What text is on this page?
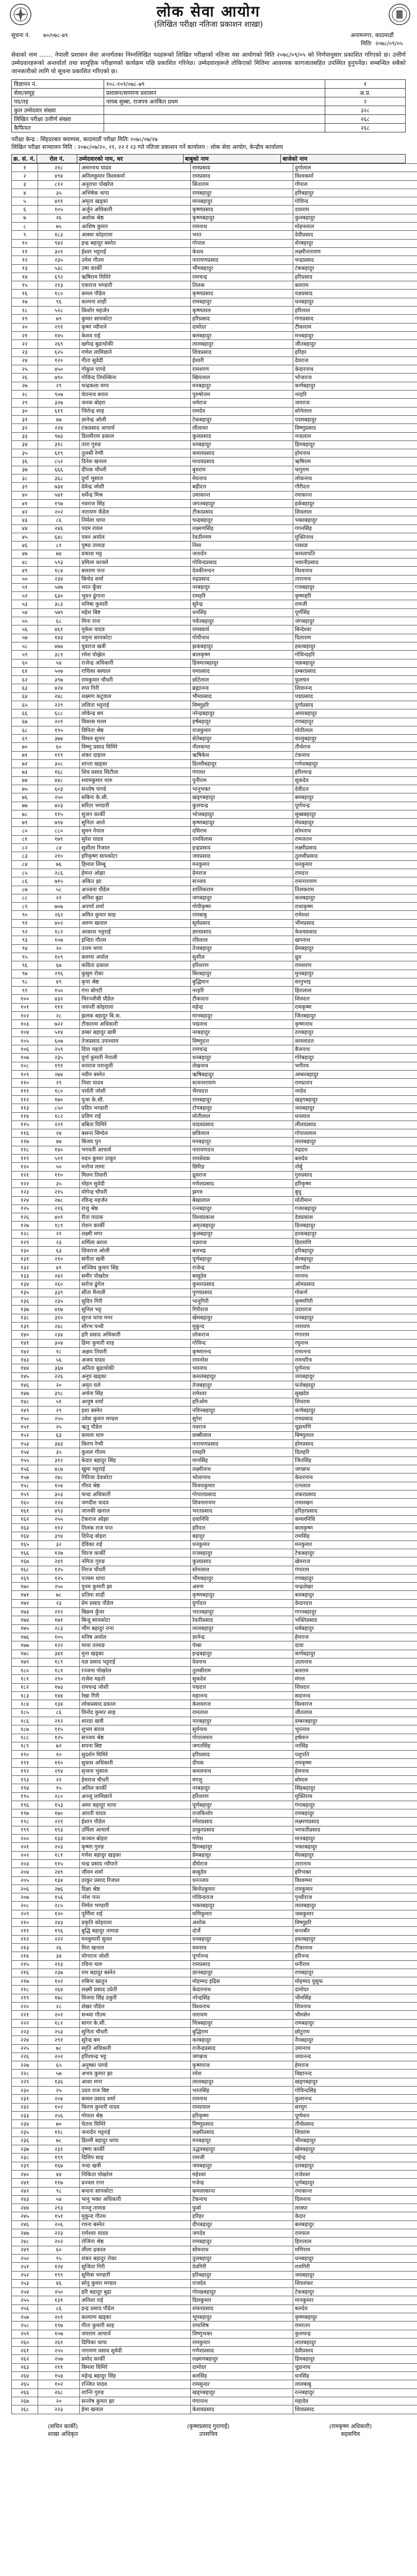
लोक सेवा आयोग
(लिखित परीक्षा नतिजा प्रकाशन शाखा)
सूचना नं. ७०/०७८-७९	अनामनगर, काठमाडौं
मितिः २०७८/०९/०५

सेवाको नाम ....... नेपाली प्रशासन सेवा अन्तर्गतका निम्नलिखित पदहरूको लिखित परीक्षाको नतिजा यस आयोगको मिति २०७८/०९/०५ को निर्णयानुसार प्रकाशित गरिएको छ। उत्तीर्ण उम्मेदवारहरूको अन्तर्वार्ता तथा सामूहिक परीक्षणको कार्यक्रम पछि प्रकाशित गरिनेछ। उम्मेदवारहरूले तोकिएको मितिमा आवश्यक कागजातसहित उपस्थित हुनुपर्नेछ। सम्बन्धित सबैको जानकारीको लागि यो सूचना प्रकाशित गरिएको छ।

विज्ञापन नं.	१०८-१०९/०७८-७९	१
सेवा/समूह	प्रशासन/सामान्य प्रशासन	अ.प्र.
पद/तह	नायब सुब्बा, राजपत्र अनंकित प्रथम	२
कुल उम्मेदवार संख्या		३२८
लिखित परीक्षा उत्तीर्ण संख्या		२६८
कैफियत		२६८
परीक्षा केन्द्र : सिंहदरबार क्याम्पस, काठमाडौं परीक्षा मितिः २०७८/०७/२७
लिखित परीक्षा सञ्चालन मिति : २०७८/०७/२०, २१, २२ र २३ गते नतिजा प्रकाशन गर्ने कार्यालय : लोक सेवा आयोग, केन्द्रीय कार्यालय
क्र. सं. नं.	रोल नं.	उम्मेदवारको नाम, थर	बाबुको नाम	बाजेको नाम
१	२१८	अमरनाथ यादव	रामप्रसाद	दुर्गालाल
२	४९४	अनिलकुमार विश्वकर्मा	रामप्रसाद	विश्वकर्मा
३	८१२	अनुराधा पोखरेल	सिताराम	गोपाल
४	३५	अभिषेक थापा	रामबहादुर	हरिबहादुर
५	४११	अमृता खड्का	मानबहादुर	गोविन्द
६	१०५	अर्जुन अधिकारी	कृष्णप्रसाद	दयाराम
७	२६	अशोक श्रेष्ठ	कृष्णबहादुर	कुलबहादुर
८	७५	आशिष कुमार	रामनाथ	मोहनलाल
९	१८३	आस्था कोइराला	भरत	देवीप्रसाद
१०	९४२	इन्द्र बहादुर बस्नेत	गोपाल	शेरबहादुर
११	३०९	ईश्वर भट्टराई	केशव	लक्ष्मीनारायण
१२	२३५	उमेश गौतम	नारायणप्रसाद	चन्द्रप्रसाद
१३	५३८	उषा कार्की	भीमबहादुर	टंकबहादुर
१४	६९२	ऋषिराम घिमिरे	रामचन्द्र	हरिप्रसाद
१५	२१३	एकराज भण्डारी	तिलक	बलराम
१६	१८०	कमल पौडेल	कृष्णप्रसाद	यज्ञप्रसाद
१७	९६	कल्पना शाही	रामबहादुर	धनबहादुर
१८	५२८	किशोर महर्जन	कृष्णलाल	हरिलाल
१९	७९	कुमार सापकोटा	हरिप्रसाद	गंगाप्रसाद
२०	२९१	कृष्ण न्यौपाने	दामोदर	टीकाराम
२१	१४५	केशव राई	बलबहादुर	मनबहादुर
२२	२६९	खगेन्द्र बुढाथोकी	लालबहादुर	जीतबहादुर
२३	६२५	गणेश लामिछाने	शिवप्रसाद	हरिहर
२४	१२०	गीता सुवेदी	ईश्वरी	देवराज
२५	४५०	गोकुल पाण्डे	रामशरण	केदारनाथ
२६	७९०	गोविन्द तिमल्सिना	खिमलाल	भोजराज
२७	२९	चन्द्रकला मगर	मनबहादुर	कर्णबहादुर
२८	९०७	चेतनाथ बराल	पुरुषोत्तम	नरहरि
२९	३२७	जनक बोहरा	धर्मराज	जयराज
३०	६११	जितेन्द्र साह	रामदेव	सोनेलाल
३१	४७	ज्ञानेन्द्र ओली	टेकबहादुर	पदमबहादुर
३२	२२४	टंकप्रसाद आचार्य	लीलाधर	विष्णुप्रसाद
३३	९७३	डिल्लीराम ढकाल	कुलप्रसाद	नन्दलाल
३४	३१८	तारा गुरुङ	धनबहादुर	हिमबहादुर
३५	६१९	तुलसी रेग्मी	कमलप्रसाद	होमनाथ
३६	८५२	दिनेश खनाल	माधवप्रसाद	ऋषिराम
३७	६६६	दीपक चौधरी	बुधराम	फगुराम
३८	३६८	दुर्गा भुसाल	मेघनाथ	लोकनाथ
३९	७३४	देवेन्द्र जोशी	बद्रीदत्त	गौरीदत्त
४०	५४१	धर्मेन्द्र मिश्र	उमाकान्त	रमाकान्त
४१	१९७	नवराज सिंह	जगतबहादुर	हर्कबहादुर
४२	२०२	नारायण कँडेल	टीकाप्रसाद	शिवलाल
४३	८६	निर्मला थापा	चन्द्रबहादुर	भक्तबहादुर
४४	२४६	पदम रावल	लक्ष्मणसिंह	गगनसिंह
४५	६४८	पवन अर्याल	रेवतीरमण	मुक्तिनाथ
४६	८१	पुष्पा तामाङ	निमा	पासाङ
४७	७४	प्रकाश भट्ट	जनार्दन	कमलापति
४८	५९३	प्रमिला काफ्ले	गोविन्दप्रसाद	भवानीप्रसाद
४९	१८४	बलराम पन्त	देवकीनन्दन	विश्वनाथ
५०	२३४	बिनोद शर्मा	रुद्रप्रसाद	तारानाथ
५१	५४७	भरत कुँवर	नरबहादुर	गजबहादुर
५२	६३०	भुवन ढुंगाना	रामहरि	कृष्णहरि
५३	३८३	मनिषा कुमारी	सुरेन्द्र	रामजी
५४	५७९	महेश बिष्ट	धनसिंह	पूर्णसिंह
५५	६८	मिना राना	पर्वतबहादुर	जंगबहादुर
५६	४६१	मुकेश यादव	रामस्वार्थ	बिन्देश्वर
५७	१४३	यमुना सापकोटा	गोपीनाथ	दिलाराम
५८	४७४	युवराज खत्री	झकबहादुर	हस्तबहादुर
५९	३८१	रमेश पोख्रेल	बालकृष्ण	गोविन्दहरि
६०	५४	राजेन्द्र अधिकारी	हिक्मतबहादुर	चक्रबहादुर
६१	५०७	राधिका बस्याल	यमप्रसाद	डम्बरप्रसाद
६२	३९७	रामकुमार चौधरी	छोटेलाल	फुलचन
६३	४२४	रुपा गिरी	ब्रह्मानन्द	शिवानन्द
६४	२४८	लक्ष्मण कटुवाल	भीमप्रसाद	पद्मप्रसाद
६५	२२९	ललिता भट्टराई	विष्णुहरि	दुर्गाप्रसाद
६६	६८८	लोकेन्द्र बम	नरेन्द्रबहादुर	अमरबहादुर
६७	२०९	विकास मल्ल	हर्षबहादुर	रणबहादुर
६८	१९५	विनिता श्रेष्ठ	राजकुमार	मोतीलाल
६९	३७४	विमल सुनार	सेतेबहादुर	कालुबहादुर
७०	६०	विष्णु प्रसाद घिमिरे	नीलकण्ठ	तीर्थराज
७१	११९	शंकर दाहाल	ऋषिकेश	टंकनाथ
७२	३०८	शान्ता खड्का	डिल्लीबहादुर	गणेशबहादुर
७३	१६८	शिव प्रसाद सिटौला	गंगाधर	हरिश्चन्द्र
७४	४४८	श्यामकुमार थारु	पुनीराम	सुकदेव
७५	६०३	सन्तोष पाण्डे	भानुभक्त	देवीदत्त
७६	२५०	सबिना के.सी.	खड्गबहादुर	बमबहादुर
७७	४०३	सरिता भण्डारी	कुलचन्द्र	पूर्णचन्द्र
७८	११५	सुजन कार्की	भोजबहादुर	सुब्बबहादुर
७९	७९४	सुनिता आले	कृष्णबहादुर	मेघबहादुर
८०	८८०	सुमन नेपाल	दधिराम	सोमनाथ
८१	१७९	सुरेश यादव	रामविलास	रामजतन
८२	८४	सुशीला रिजाल	इन्द्रप्रसाद	लक्ष्मीप्रसाद
८३	२१०	हरिकृष्ण सापकोटा	जयप्रसाद	तुलसीप्रसाद
८४	७६	हिमाल लिम्बू	मनकुमार	धनकुमार
८५	२८६	हेमन्त ओझा	प्रेमराज	रामदत्त
८६	७१५	अंकित झा	सञ्जय	रामनारायण
८७	५८	अञ्जना पौडेल	शालिकराम	तिलकराम
८८	२२	अनिश बुढा	जगबहादुर	कलबहादुर
८९	७०७	अपर्णा शर्मा	गोपीकृष्ण	राधाकृष्ण
९०	२६२	अमित कुमार साह	रामबाबु	रामेश्वर
९१	४०२	अरुण खनाल	सूर्यप्रसाद	भीमप्रसाद
९२	१८२	आकाश भट्टराई	ज्ञानप्रसाद	केशवप्रसाद
९३	१०७	इन्दिरा गौतम	रविलाल	खगनाथ
९४	२०	उत्तम थापा	तेजबहादुर	प्रेमबहादुर
९५	१०९	करुणा अर्याल	सुशील	ध्रुव
९६	६७	कविता ढकाल	हरिशरण	रामशरण
९७	२९६	कुसुम रोका	बिरबहादुर	मुनबहादुर
९८	४९	कृपा श्रेष्ठ	बुद्धिमान	सानुभाइ
९९	१५०	गंगा बोगटी	नरहरि	हिरालाल
१००	४३२	चिरञ्जीवी पौडेल	टीकादत्त	शिवदत्त
१०१	१११	जयन्ती कोइराला	महेन्द्र	रामकृष्ण
१०२	२८	झलक बहादुर बि.क.	मानबहादुर	जितबहादुर
१०३	७२२	टीकाराम अधिकारी	पद्मनाथ	कृष्णनाथ
१०४	५१४	डम्बर बहादुर खत्री	नरबहादुर	ठगबहादुर
१०५	६०७	तेजप्रसाद उपाध्याय	विष्णुदत्त	कमलादत्त
१०६	२५९	दिपा महतो	रामचन्द्र	बैजनाथ
१०७	२३५	दुर्गा कुमारी नेपाली	धनबहादुर	गोरेबहादुर
१०८	१९१	धनराज पराजुली	लेखनाथ	भगीरथ
१०९	२७४	नवीन बस्नेत	ऋषिबहादुर	अम्बरबहादुर
११०	२९	निशा यादव	सत्यनारायण	रामप्रताप
१११	१८०	पार्वती जोशी	भैरवदत्त	नरदेव
११२	१७०	पूजा के.सी.	रामबहादुर	खड्गबहादुर
११३	८५०	प्रदिप भण्डारी	टोपबहादुर	जयबहादुर
११४	१८२	प्रविण राई	मोतीलाल	धनलाल
११५	२२१	बबिता घिमिरे	यादवप्रसाद	लीलाप्रसाद
११६	२४	बसन्त सिग्देल	छविलाल	गोपाललाल
११७	४७	बिजय पुन	मनबहादुर	लालबहादुर
११८	१४०	भगवती आचार्य	नारायणदत्त	रुद्रदत्त
११९	५११	मदन कुमार ठाकुर	रामसेवक	बलदेव
१२०	५०	मनोज लामा	छिरिङ	नोर्बु
१२१	११०	मिलन तिवारी	ध्रुवराज	गुरुप्रसाद
१२२	३५	मोहन सुवेदी	गणेशप्रसाद	हरिकृष्ण
१२३	२१५	योगेन्द्र चौधरी	झगरु	बुधु
१२४	२७८	रविन्द्र महर्जन	बेखालाल	मोतीमान
१२५	२१६	राजु श्रेष्ठ	रत्नबहादुर	गजरबहादुर
१२६	४०१	रीता पाठक	विश्वप्रकाश	देवप्रकाश
१२७	१८९	रोशन कार्की	अमृतबहादुर	डिलबहादुर
१२८	२१	लक्ष्मी मगर	कुलबहादुर	हरकबहादुर
१२९	२३	शर्मिला बराल	यज्ञराज	हिरामणि
१३०	६३	शिवराज ओली	बलभद्र	हरिबहादुर
१३१	२१०	संगीता खत्री	पूर्णबहादुर	सेरबहादुर
१३२	४९	सञ्जिव कुमार सिंह	राजेन्द्र	जगदीश
१३३	२४२	समीर पोखरेल	बासुदेव	नरनाथ
१३४	२६०	सरोज ढुंगेल	कुमारप्रसाद	ओमप्रसाद
१३५	३३९	सीता मैनाली	पुण्यप्रसाद	गोकर्ण
१३६	२३५	सुदिप गिरी	भानुगिरी	कृष्णगिरी
१३७	४१७	सुनिल भट्ट	गिरीराज	उदयराज
१३८	३१०	सुरज थापा मगर	खेमबहादुर	धनबहादुर
१३९	२४८	सौरभ पन्थी	मुकुन्द	नारायण
१४०	२३४	हरि प्रसाद अधिकारी	लोकराज	गंगाराम
१४१	३०४	हिमा कुमारी शाह	गोविन्द	रघुनाथ
१४२	१८	अक्षय तिवारी	कृष्णानन्द	रामानन्द
१४३	५६	अजय यादव	रामनरेश	रामचरित्र
१४४	३६७	अनिता बुढाथोकी	भवनाथ	पूर्णनाथ
१४५	२२६	अनुप खड्का	कमलबहादुर	जयबहादुर
१४६	२०	अमृत घले	तेजबहादुर	फत्तेबहादुर
१४७	३९८	अर्चना सिंह	रामेश्वर	सुखदेव
१४८	५१	आयुष शर्मा	हरिओम	शिवराम
१४९	२९	इशा बस्नेत	नविनबहादुर	कर्णबहादुर
१५०	२५५	उमेश कुमार मण्डल	सुरेश	रामप्रसाद
१५१	२५	ऋतु पौडेल	नवराज	चूडामणि
१५२	६३	कमला थारु	छब्बीलाल	बिष्णुलाल
१५३	३४३	किरण रेग्मी	नारायणप्रसाद	होमप्रसाद
१५४	३५	कुशल गौतम	रामहरि	दिलहरि
१५५	३१२	केदार बहादुर सिंह	मानसिंह	जितसिंह
१५६	४८७	खुमा भट्टराई	लक्ष्मीनाथ	जगन्नाथ
१५७	२४८	गिरिजा देवकोटा	भोलानाथ	केशरनाथ
१५८	१०४	गौरव श्रेष्ठ	विजयकुमार	रत्नलाल
१५९	३०३	चन्दा अधिकारी	गोपालप्रसाद	शंकरप्रसाद
१६०	२२४	जगदीश यादव	शिवनारायण	रामलखन
१६१	४९३	जानकी खनाल	भरतप्रसाद	हरिहरप्रसाद
१६२	२५५	टेकराज ओझा	दयानिधि	कमलनिधि
१६३	११२	तिलक राज पन्त	हरिदत्त	बालकृष्ण
१६४	३९४	दिपेन्द्र बोहरा	बहादुर	रामसिंह
१६५	३२	देविका राई	धनकुमार	मनकुमार
१६६	१२७	धिरज कार्की	राजबहादुर	टेकबहादुर
१६७	२४९	नमिता गुरुङ	कुलप्रसाद	खेमराज
१६८	१२५	निरज चौधरी	सोमलाल	गंगाराम
१६९	१२५	पञ्चम थापा	भीमबहादुर	रणबहादुर
१७०	२५०	पुनम कुमारी झा	अरुण	चन्द्रशेखर
१७१	७८	प्रतिमा शाही	कृष्णबहादुर	बलबहादुर
१७२	२३	प्रेम प्रसाद पौडेल	दुर्गादत्त	केदारदत्त
१७३	२१२	बिक्रम कुँवर	भरतबहादुर	गगनबहादुर
१७४	१७१	बिन्दु सापकोटा	रेवतीप्रसाद	भक्तिप्रसाद
१७५	२८३	भीम बहादुर राना	लालबहादुर	धर्मबहादुर
१७६	१०५	मनिष अर्याल	ज्ञानेन्द्र	हेमराज
१७७	१२२	माया तामाङ	पेम्बा	दावा
१७८	३४१	मुना खड्का	इन्द्रबहादुर	कर्णबहादुर
१७९	१८९	यज्ञ प्रसाद भट्टराई	देवनाथ	उदयनाथ
१८०	१८१	रञ्जना पोखरेल	तुलसीराम	बलराम
१८१	२९०	राजेश महतो	सुकदेव	मंगल
१८२	१७३	रामचन्द्र जोशी	पद्मदत्त	शिवदत्त
१८३	१४४	रेखा गिरी	महानन्द	सदानन्द
१८४	१३४	लोकप्रसाद ढकाल	केशवराज	विश्वराज
१८५	८६	विनोद कुमार साह	रामलाल	जीतलाल
१८६	२१२	शारदा खत्री	नारबहादुर	डम्बरबहादुर
१८७	११५	शुभम बराल	सुर्यनाथ	भूपनाथ
१८८	१२५	सञ्जय श्रेष्ठ	गोपालमान	हर्षमान
१८९	७२	सपना बिष्ट	जगतसिंह	नरसिंह
१९०	१०	सुदर्शन घिमिरे	हरिप्रसाद	पशुपति
१९१	११०	सुवास अधिकारी	दीपक	रामकृष्ण
१९२	२९४	सृजना भुसाल	कमलनाथ	हेमनाथ
१९३	२२	हेमराज चौधरी	मंगलु	सोमारु
१९४	१५	अनिल कार्की	नरबहादुर	सिंहबहादुर
१९५	२८०	अञ्जु लामिछाने	हरिशरण	मुक्तिराम
१९६	१५३	अमर बहादुर थापा	पूर्णबहादुर	गंगाबहादुर
१९७	१७०	आरती यादव	राजकिशोर	रामबहादुर
१९८	२२१	ईशान पौडेल	रमेशप्रसाद	लक्ष्मणप्रसाद
१९९	१९३	उर्मिला आचार्य	ठाकुरप्रसाद	भगवतीप्रसाद
२००	१३३	कञ्चन बोहरा	गणेश	मानबहादुर
२०१	२०३	कृष्णा गुरुङ	हिमबहादुर	भक्तबहादुर
२०२	१८१	गणेश बहादुर खड्का	प्रेमबहादुर	मेघबहादुर
२०३	११५	चन्द्र प्रसाद न्यौपाने	दीर्घराज	तारानाथ
२०४	२४९	जीवन शर्मा	बासुदेव	हरिभक्त
२०५	१३४	ठाकुर प्रसाद रिजाल	धनञ्जय	विश्वम्भर
२०६	२७६	दिक्षा श्रेष्ठ	बिनोदकुमार	रामकुमार
२०७	१५६	नरेश पन्त	गोविन्दराज	पृथ्वीराज
२०८	२८५	निर्मल भण्डारी	भक्तबहादुर	लालबहादुर
२०९	१२०	पूर्णिमा राई	मणिकुमार	जसकुमार
२१०	२४३	प्रकृति कोइराला	अशोक	विष्णुहरि
२११	१९६	बुद्धि बहादुर तामाङ	दोर्जे	सन्तबीर
२१२	२२२	मनकुमारी सुनार	धनबहादुर	हस्तबहादुर
२१३	२६	मिरा खनाल	यमनाथ	टीकानाथ
२१४	३४	योगराज जोशी	पूर्णानन्द	हरिनन्द
२१५	२१३	रविना थारु	रामप्रसाद	धनीराम
२१६	२३७	राम बहादुर बस्नेत	ज्ञानबहादुर	रणबहादुर
२१७	१०२	रुबिना खातुन	मोहम्मद इद्रिस	मोहम्मद युसुफ
२१८	२६४	लक्ष्मी प्रसाद उप्रेती	केदारनाथ	दामोदर
२१९	१७८	विजया सिंह ठकुरी	नरेन्द्रसिंह	भीमसिंह
२२०	२८	शेखर पौडेल	विश्वनाथ	शिवनाथ
२२१	२०२	सन्ध्या गौतम	नारायण	भीमसेन
२२२	१८२	सागर के.सी.	चित्रबहादुर	रामबहादुर
२२३	२५३	सुनिता चौधरी	बुद्धिराम	छोटुराम
२२४	२९१	सुरेन्द्र बम	करबहादुर	नैनबहादुर
२२५	७८	स्मृति अधिकारी	राजेन्द्रप्रसाद	उमानाथ
२२६	२०२	हरिश्चन्द्र भट्ट	जगन्नाथ	जयानन्द
२२७	६५	अनुष्का पाण्डे	कृष्णराज	हेमराज
२२८	५७	अभय कुमार झा	रमेश	विद्यानन्द
२२९	१३६	आशा मगर	लालबहादुर	खड्गबहादुर
२३०	२५	उदय राज बिष्ट	भरतसिंह	गोविन्दसिंह
२३१	२०४	कमल प्रसाद शर्मा	रामनाथ	कुलानन्द
२३२	१०२	किरण कुमारी यादव	रामदयाल	सरयुग
२३३	२५६	गोपाल श्रेष्ठ	हरिकृष्ण	पूर्णमान
२३४	७०	चेतना घिमिरे	विष्णुप्रसाद	तीर्थप्रसाद
२३५	११८	जनार्दन भट्टराई	लक्ष्मीप्रसाद	शिवराम
२३६	७८	डिल्ली बहादुर थापा	मनबहादुर	भीमबहादुर
२३७	२३१	तृष्णा कार्की	उद्धवबहादुर	खेमबहादुर
२३८	१९९	दिलिप साह	रामजी	महेन्द्र
२३९	१६७	नन्दा खत्री	जयबहादुर	दलबहादुर
२४०	४४	निकिता पोखरेल	महेश्वर	राजेश्वर
२४१	११७	प्रज्वल राना	गजेन्द्र	पूर्णबहादुर
२४२	९८	बन्दना सापकोटा	कमलाकान्त	रमाकान्त
२४३	५४	भानु भक्त अधिकारी	टेकनाथ	दिलनाथ
२४४	२९३	मञ्जु तामाङ	फुर्बा	लाक्पा
२४५	१५१	मुकुन्द गौतम	हरिहर	केदार
२४६	२०६	रचना बस्नेत	दीपबहादुर	बलबहादुर
२४७	२२३	रामेश्वर यादव	जगदेव	रामफल
२४८	२०२	रोजिना श्रेष्ठ	रामबहादुर	हिरालाल
२४९	६०	लीला ढकाल	सोमनाथ	मणिराम
२५०	९५	शंकर बहादुर रोका	तुलबहादुर	धनबहादुर
२५१	१२४	सुजिता गिरी	देवगिरी	रामगिरी
२५२	१९९	सुमित्रा भण्डारी	हरिबहादुर	जयबहादुर
२५३	४६	सोनु कुमार मण्डल	राजदेव	शिवशंकर
२५४	२५०	हरि बहादुर बुढा	गोरखबहादुर	टेकबहादुर
२५५	१३१	अनिशा राई	दिलकुमार	मानकुमार
२५६	८६	इन्द्र प्रसाद पौडेल	शंकरप्रसाद	बलदेव
२५७	२०१	कल्याण खड्का	भूपबहादुर	कृष्णबहादुर
२५८	१९७	गीता कुमारी साह	रामाशिष	रामरतन
२५९	१०७	जयराम आचार्य	विष्णुभक्त	कुलचन्द्र
२६०	२६१	दिपिका थापा	रामकुमार	लालबहादुर
२६१	२५५	नारायण प्रसाद सुवेदी	गणेशप्रसाद	देवीप्रसाद
२६२	२५७	प्रमोद कार्की	लक्ष्मणबहादुर	हिमबहादुर
२६३	२११	बिमला घिमिरे	दामोदर	चूडानाथ
२६४	१५४	महेन्द्र बहादुर सिंह	बलसिंह	धनसिंह
२६५	१०२	रञ्जित यादव	रामसुन्दर	लालबाबु
२६६	२६८	शान्ति गुरुङ	खड्गबहादुर	रत्नबहादुर
२६७	२०	सन्तोष कुमार झा	गंगानाथ	महादेव
२६८	२२३	हेमा खनाल	केशवप्रसाद	शिवप्रसाद
(सचिन कार्की)
शाखा अधिकृत
(कृष्णप्रसाद गुरागाईं)
उपसचिव
(रामकृष्ण अधिकारी)
सहसचिव
